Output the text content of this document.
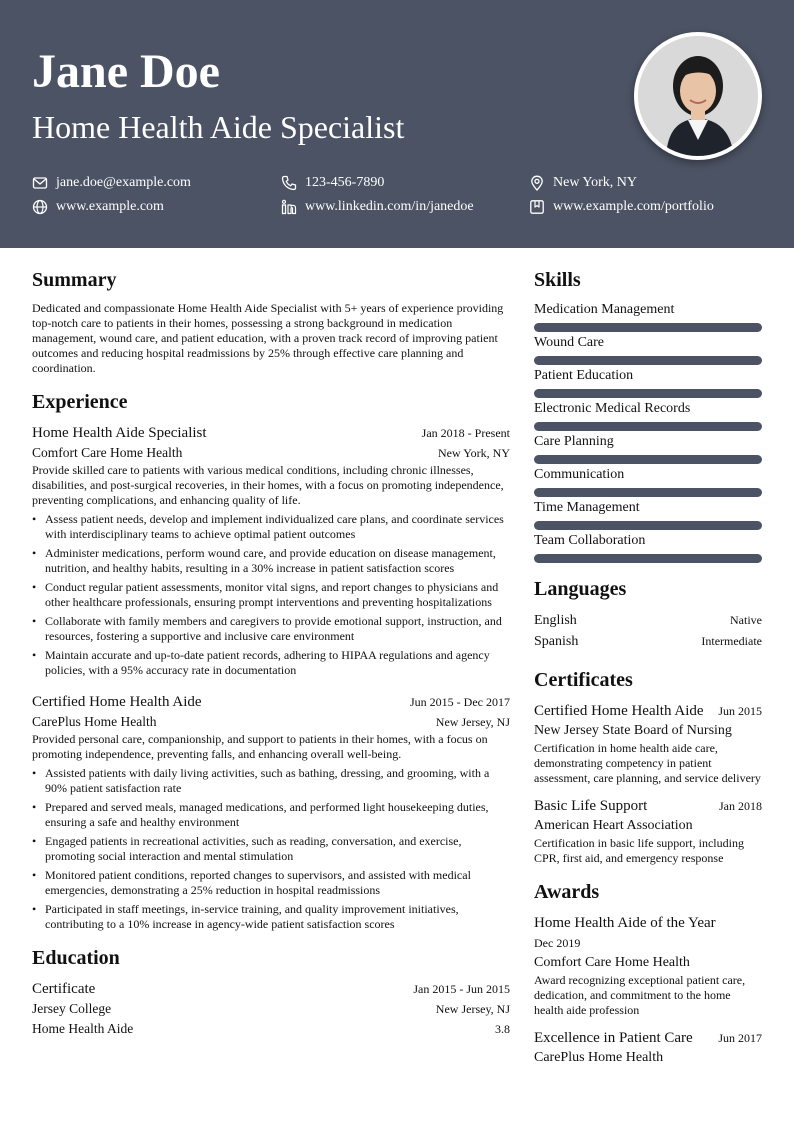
Jane Doe
Home Health Aide Specialist
jane.doe@example.com	123-456-7890	New York, NY
www.example.com	www.linkedin.com/in/janedoe	www.example.com/portfolio
Summary

Dedicated and compassionate Home Health Aide Specialist with 5+ years of experience providing top-notch care to patients in their homes, possessing a strong background in medication management, wound care, and patient education, with a proven track record of improving patient outcomes and reducing hospital readmissions by 25% through effective care planning and coordination.

Experience
Home Health Aide Specialist	Jan 2018 - Present
Comfort Care Home Health	New York, NY

Provide skilled care to patients with various medical conditions, including chronic illnesses, disabilities, and post-surgical recoveries, in their homes, with a focus on promoting independence, preventing complications, and enhancing quality of life.

• Assess patient needs, develop and implement individualized care plans, and coordinate services with interdisciplinary teams to achieve optimal patient outcomes
• Administer medications, perform wound care, and provide education on disease management, nutrition, and healthy habits, resulting in a 30% increase in patient satisfaction scores
• Conduct regular patient assessments, monitor vital signs, and report changes to physicians and other healthcare professionals, ensuring prompt interventions and preventing hospitalizations
• Collaborate with family members and caregivers to provide emotional support, instruction, and resources, fostering a supportive and inclusive care environment
• Maintain accurate and up-to-date patient records, adhering to HIPAA regulations and agency policies, with a 95% accuracy rate in documentation
Certified Home Health Aide	Jun 2015 - Dec 2017
CarePlus Home Health	New Jersey, NJ

Provided personal care, companionship, and support to patients in their homes, with a focus on promoting independence, preventing falls, and enhancing overall well-being.

• Assisted patients with daily living activities, such as bathing, dressing, and grooming, with a 90% patient satisfaction rate
• Prepared and served meals, managed medications, and performed light housekeeping duties, ensuring a safe and healthy environment
• Engaged patients in recreational activities, such as reading, conversation, and exercise, promoting social interaction and mental stimulation
• Monitored patient conditions, reported changes to supervisors, and assisted with medical emergencies, demonstrating a 25% reduction in hospital readmissions
• Participated in staff meetings, in-service training, and quality improvement initiatives, contributing to a 10% increase in agency-wide patient satisfaction scores
Education
Certificate	Jan 2015 - Jun 2015
Jersey College	New Jersey, NJ
Home Health Aide	3.8
Skills
Medication Management
Wound Care
Patient Education
Electronic Medical Records
Care Planning
Communication
Time Management
Team Collaboration
Languages
English	Native
Spanish	Intermediate
Certificates
Certified Home Health Aide Jun 2015
New Jersey State Board of Nursing

Certification in home health aide care, demonstrating competency in patient assessment, care planning, and service delivery

Basic Life Support	Jan 2018
American Heart Association

Certification in basic life support, including CPR, first aid, and emergency response

Awards
Home Health Aide of the Year
Dec 2019
Comfort Care Home Health

Award recognizing exceptional patient care, dedication, and commitment to the home health aide profession

Excellence in Patient Care Jun 2017
CarePlus Home Health
